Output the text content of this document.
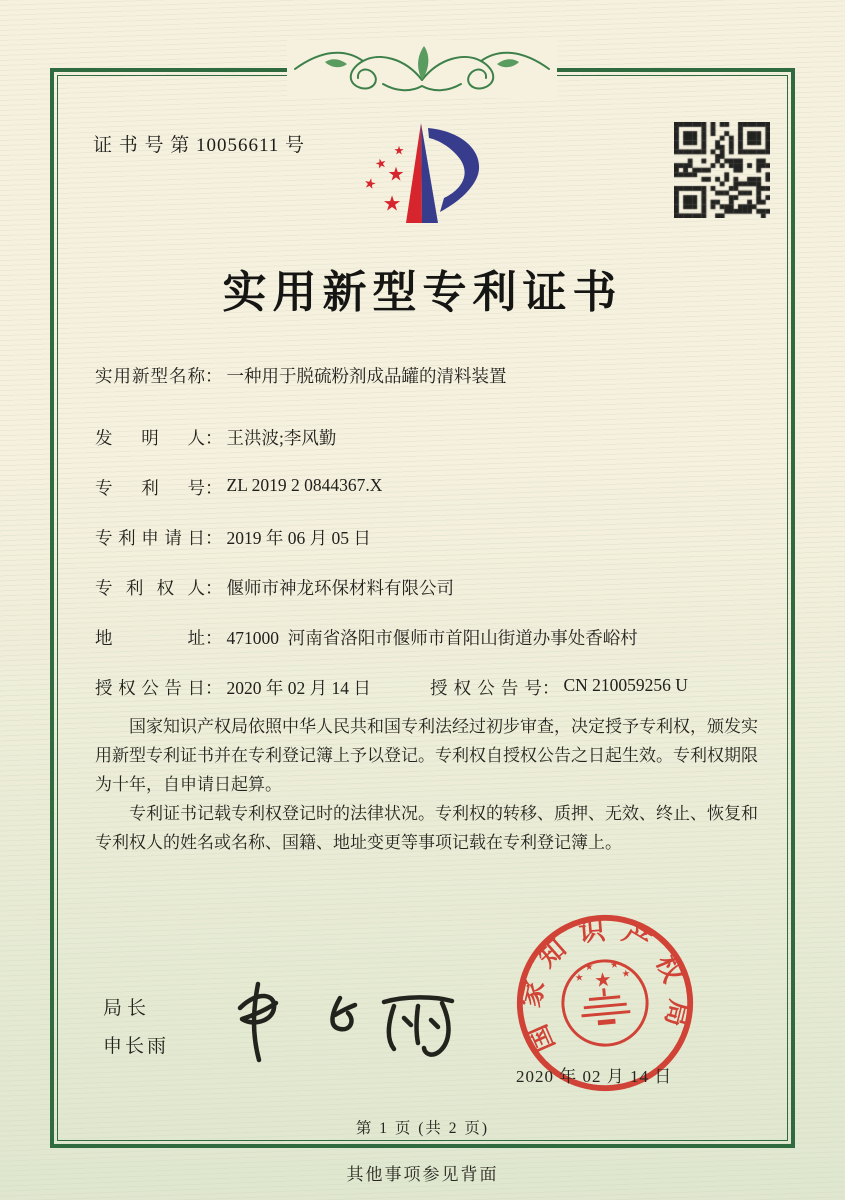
证 书 号 第 10056611 号	★
★ ★
★
★
实用新型专利证书
实用新型名称： 一种用于脱硫粉剂成品罐的清料装置
发明人： 王洪波;李风勤
专利号： ZL 2019 2 0844367.X
专利申请日： 2019 年 06 月 05 日
专利权人： 偃师市神龙环保材料有限公司
地址： 471000  河南省洛阳市偃师市首阳山街道办事处香峪村
授权公告日： 2020 年 02 月 14 日	授权公告号： CN 210059256 U

国家知识产权局依照中华人民共和国专利法经过初步审查，决定授予专利权，颁发实用新型专利证书并在专利登记簿上予以登记。专利权自授权公告之日起生效。专利权期限为十年，自申请日起算。

专利证书记载专利权登记时的法律状况。专利权的转移、质押、无效、终止、恢复和专利权人的姓名或名称、国籍、地址变更等事项记载在专利登记簿上。

局长
申长雨	国家知识产权局
★
★
★ ★
★
2020 年 02 月 14 日
第 1 页 (共 2 页)
其他事项参见背面
